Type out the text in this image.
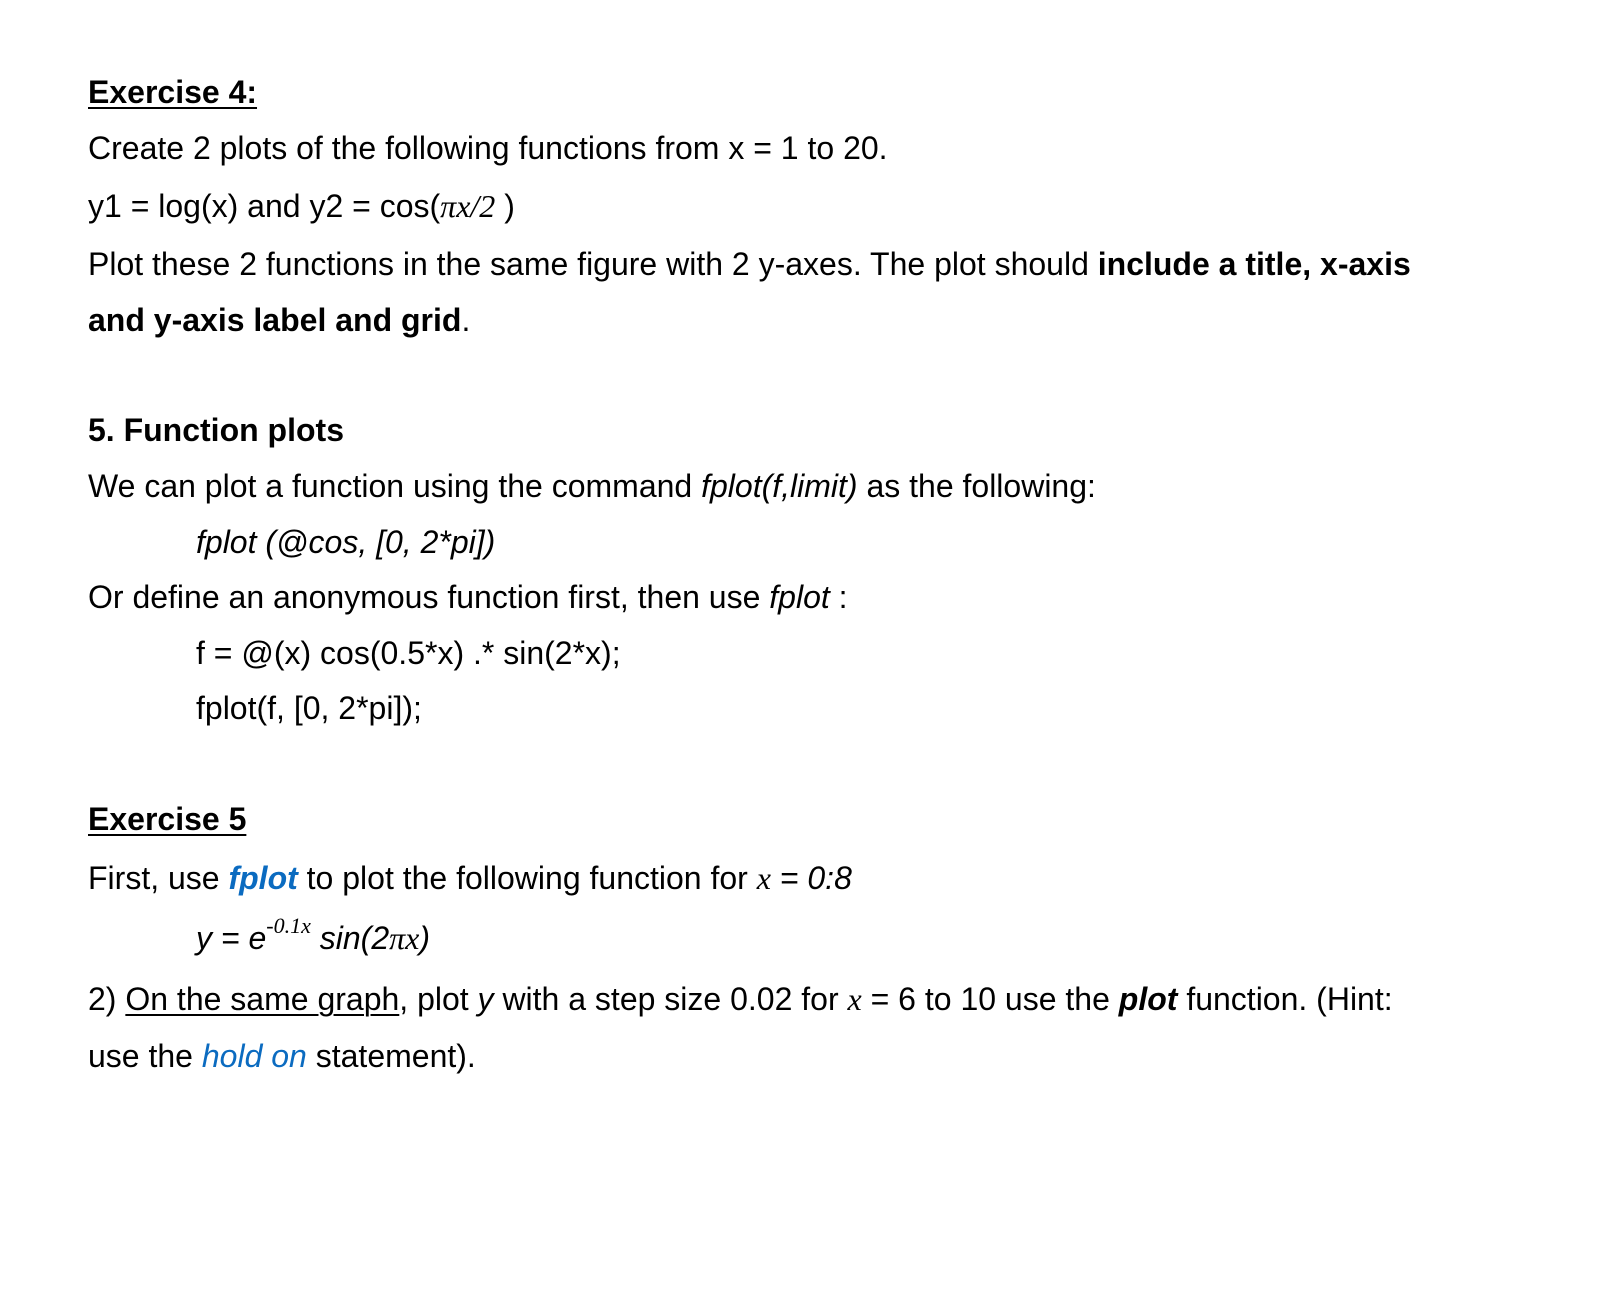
Exercise 4:
Create 2 plots of the following functions from x = 1 to 20.
y1 = log(x) and y2 = cos(πx/2 )
Plot these 2 functions in the same figure with 2 y-axes. The plot should include a title, x-axis
and y-axis label and grid.
5. Function plots
We can plot a function using the command fplot(f,limit) as the following:
fplot (@cos, [0, 2*pi])
Or define an anonymous function first, then use fplot :
f = @(x) cos(0.5*x) .* sin(2*x);
fplot(f, [0, 2*pi]);
Exercise 5
First, use fplot to plot the following function for x = 0:8
$y = e^{-0.1x}$ sin(2πx)
2) On the same graph, plot y with a step size 0.02 for x = 6 to 10 use the plot function. (Hint:
use the hold on statement).
